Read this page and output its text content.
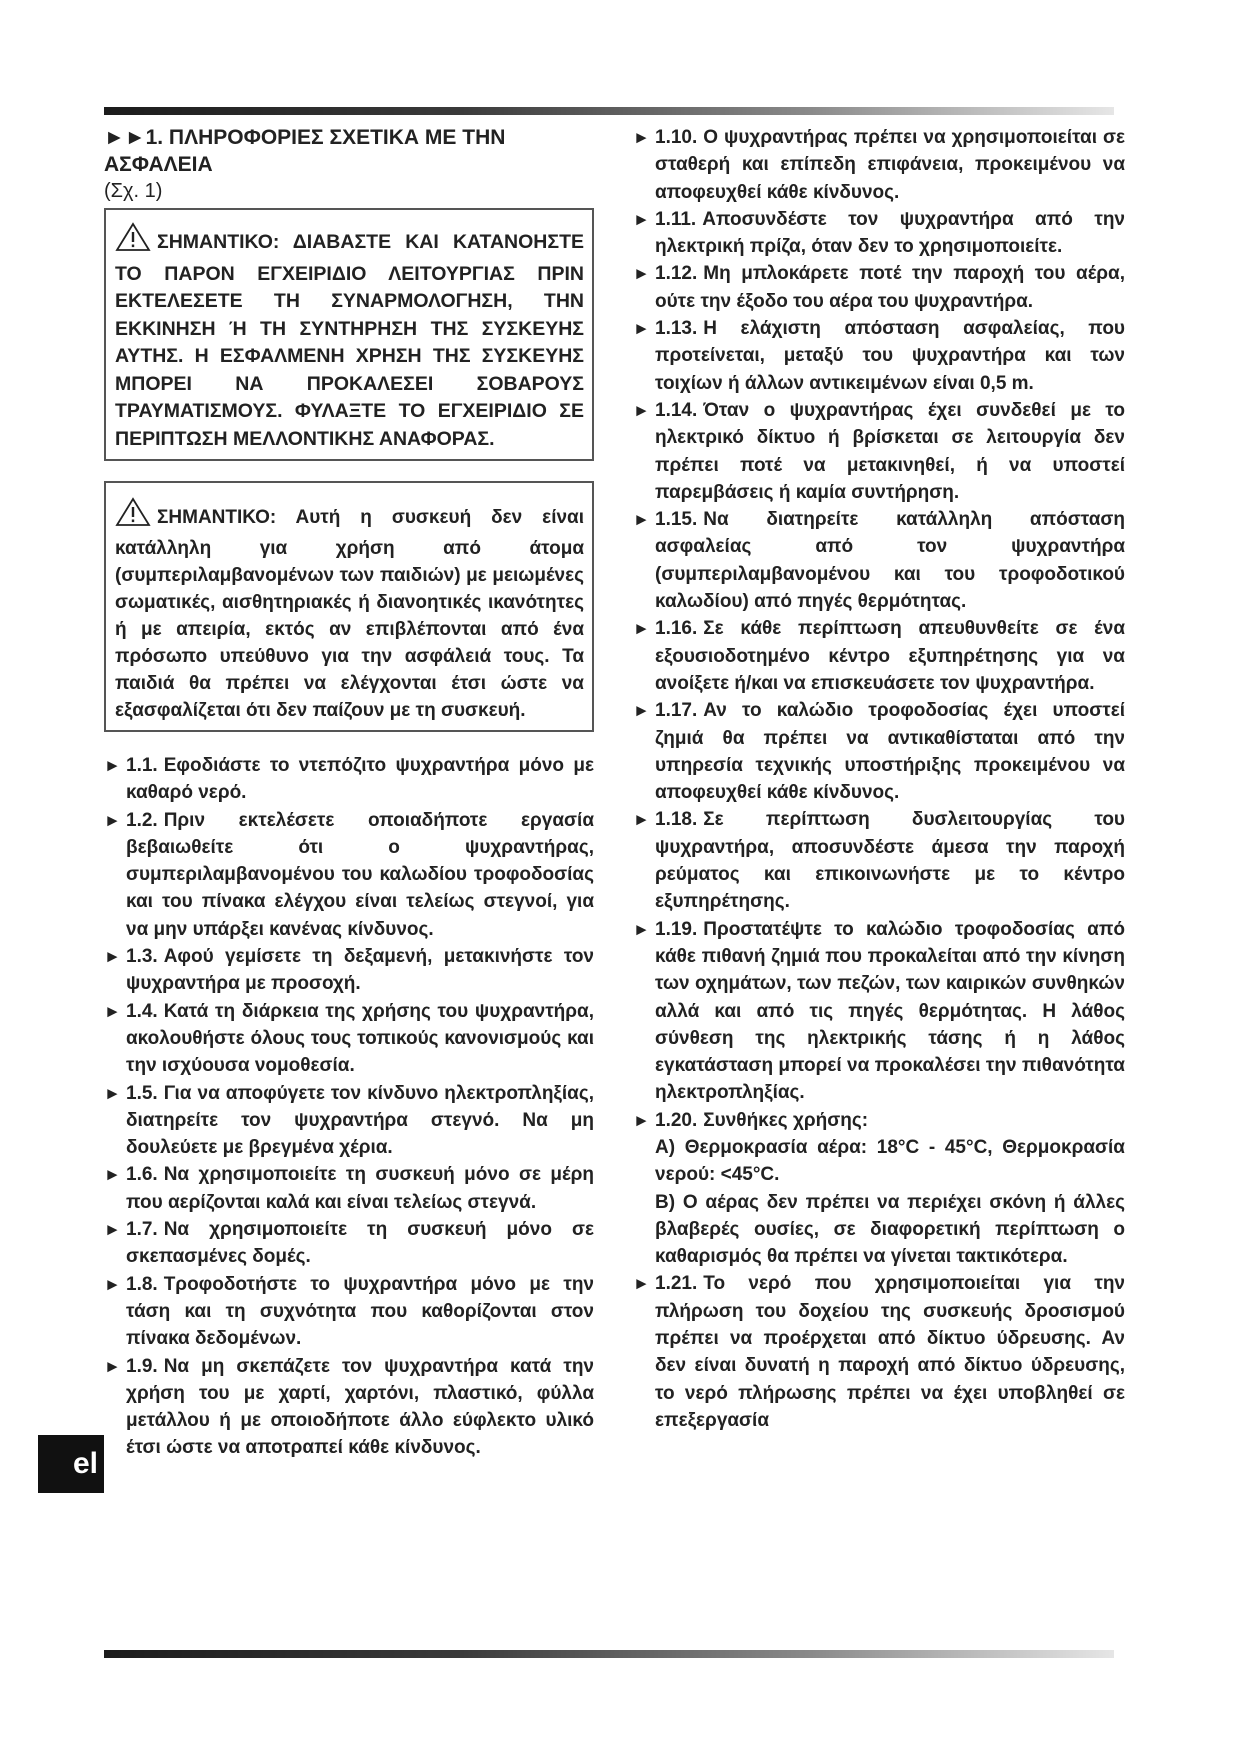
►►1. ΠΛΗΡΟΦΟΡΙΕΣ ΣΧΕΤΙΚΑ ΜΕ ΤΗΝ ΑΣΦΑΛΕΙΑ
(Σχ. 1)
ΣΗΜΑΝΤΙΚΟ: ΔΙΑΒΑΣΤΕ ΚΑΙ ΚΑΤΑΝΟΗΣΤΕ ΤΟ ΠΑΡΟΝ ΕΓΧΕΙΡΙΔΙΟ ΛΕΙΤΟΥΡΓΙΑΣ ΠΡΙΝ ΕΚΤΕΛΕΣΕΤΕ ΤΗ ΣΥΝΑΡΜΟΛΟΓΗΣΗ, ΤΗΝ ΕΚΚΙΝΗΣΗ Ή ΤΗ ΣΥΝΤΗΡΗΣΗ ΤΗΣ ΣΥΣΚΕΥΗΣ ΑΥΤΗΣ. Η ΕΣΦΑΛΜΕΝΗ ΧΡΗΣΗ ΤΗΣ ΣΥΣΚΕΥΗΣ ΜΠΟΡΕΙ ΝΑ ΠΡΟΚΑΛΕΣΕΙ ΣΟΒΑΡΟΥΣ ΤΡΑΥΜΑΤΙΣΜΟΥΣ. ΦΥΛΑΞΤΕ ΤΟ ΕΓΧΕΙΡΙΔΙΟ ΣΕ ΠΕΡΙΠΤΩΣΗ ΜΕΛΛΟΝΤΙΚΗΣ ΑΝΑΦΟΡΑΣ.
ΣΗΜΑΝΤΙΚΟ: Αυτή η συσκευή δεν είναι κατάλληλη για χρήση από άτομα (συμπεριλαμβανομένων των παιδιών) με μειωμένες σωματικές, αισθητηριακές ή διανοητικές ικανότητες ή με απειρία, εκτός αν επιβλέπονται από ένα πρόσωπο υπεύθυνο για την ασφάλειά τους. Τα παιδιά θα πρέπει να ελέγχονται έτσι ώστε να εξασφαλίζεται ότι δεν παίζουν με τη συσκευή.
► 1.1. Εφοδιάστε το ντεπόζιτο ψυχραντήρα μόνο με καθαρό νερό.
► 1.2. Πριν εκτελέσετε οποιαδήποτε εργασία βεβαιωθείτε ότι ο ψυχραντήρας, συμπεριλαμβανομένου του καλωδίου τροφοδοσίας και του πίνακα ελέγχου είναι τελείως στεγνοί, για να μην υπάρξει κανένας κίνδυνος.
► 1.3. Αφού γεμίσετε τη δεξαμενή, μετακινήστε τον ψυχραντήρα με προσοχή.
► 1.4. Κατά τη διάρκεια της χρήσης του ψυχραντήρα, ακολουθήστε όλους τους τοπικούς κανονισμούς και την ισχύουσα νομοθεσία.
► 1.5. Για να αποφύγετε τον κίνδυνο ηλεκτροπληξίας, διατηρείτε τον ψυχραντήρα στεγνό. Να μη δουλεύετε με βρεγμένα χέρια.
► 1.6. Να χρησιμοποιείτε τη συσκευή μόνο σε μέρη που αερίζονται καλά και είναι τελείως στεγνά.
► 1.7. Να χρησιμοποιείτε τη συσκευή μόνο σε σκεπασμένες δομές.
► 1.8. Τροφοδοτήστε το ψυχραντήρα μόνο με την τάση και τη συχνότητα που καθορίζονται στον πίνακα δεδομένων.
► 1.9. Να μη σκεπάζετε τον ψυχραντήρα κατά την χρήση του με χαρτί, χαρτόνι, πλαστικό, φύλλα μετάλλου ή με οποιοδήποτε άλλο εύφλεκτο υλικό έτσι ώστε να αποτραπεί κάθε κίνδυνος.
► 1.10. Ο ψυχραντήρας πρέπει να χρησιμοποιείται σε σταθερή και επίπεδη επιφάνεια, προκειμένου να αποφευχθεί κάθε κίνδυνος.
► 1.11. Αποσυνδέστε τον ψυχραντήρα από την ηλεκτρική πρίζα, όταν δεν το χρησιμοποιείτε.
► 1.12. Μη μπλοκάρετε ποτέ την παροχή του αέρα, ούτε την έξοδο του αέρα του ψυχραντήρα.
► 1.13. Η ελάχιστη απόσταση ασφαλείας, που προτείνεται, μεταξύ του ψυχραντήρα και των τοιχίων ή άλλων αντικειμένων είναι 0,5 m.
► 1.14. Όταν ο ψυχραντήρας έχει συνδεθεί με το ηλεκτρικό δίκτυο ή βρίσκεται σε λειτουργία δεν πρέπει ποτέ να μετακινηθεί, ή να υποστεί παρεμβάσεις ή καμία συντήρηση.
► 1.15. Να διατηρείτε κατάλληλη απόσταση ασφαλείας από τον ψυχραντήρα (συμπεριλαμβανομένου και του τροφοδοτικού καλωδίου) από πηγές θερμότητας.
► 1.16. Σε κάθε περίπτωση απευθυνθείτε σε ένα εξουσιοδοτημένο κέντρο εξυπηρέτησης για να ανοίξετε ή/και να επισκευάσετε τον ψυχραντήρα.
► 1.17. Αν το καλώδιο τροφοδοσίας έχει υποστεί ζημιά θα πρέπει να αντικαθίσταται από την υπηρεσία τεχνικής υποστήριξης προκειμένου να αποφευχθεί κάθε κίνδυνος.
► 1.18. Σε περίπτωση δυσλειτουργίας του ψυχραντήρα, αποσυνδέστε άμεσα την παροχή ρεύματος και επικοινωνήστε με το κέντρο εξυπηρέτησης.
► 1.19. Προστατέψτε το καλώδιο τροφοδοσίας από κάθε πιθανή ζημιά που προκαλείται από την κίνηση των οχημάτων, των πεζών, των καιρικών συνθηκών αλλά και από τις πηγές θερμότητας. Η λάθος σύνθεση της ηλεκτρικής τάσης ή η λάθος εγκατάσταση μπορεί να προκαλέσει την πιθανότητα ηλεκτροπληξίας.
► 1.20. Συνθήκες χρήσης:
A) Θερμοκρασία αέρα: 18°C - 45°C, Θερμοκρασία νερού: <45°C.
B) Ο αέρας δεν πρέπει να περιέχει σκόνη ή άλλες βλαβερές ουσίες, σε διαφορετική περίπτωση ο καθαρισμός θα πρέπει να γίνεται τακτικότερα.
► 1.21. Το νερό που χρησιμοποιείται για την πλήρωση του δοχείου της συσκευής δροσισμού πρέπει να προέρχεται από δίκτυο ύδρευσης. Αν δεν είναι δυνατή η παροχή από δίκτυο ύδρευσης, το νερό πλήρωσης πρέπει να έχει υποβληθεί σε επεξεργασία
el
